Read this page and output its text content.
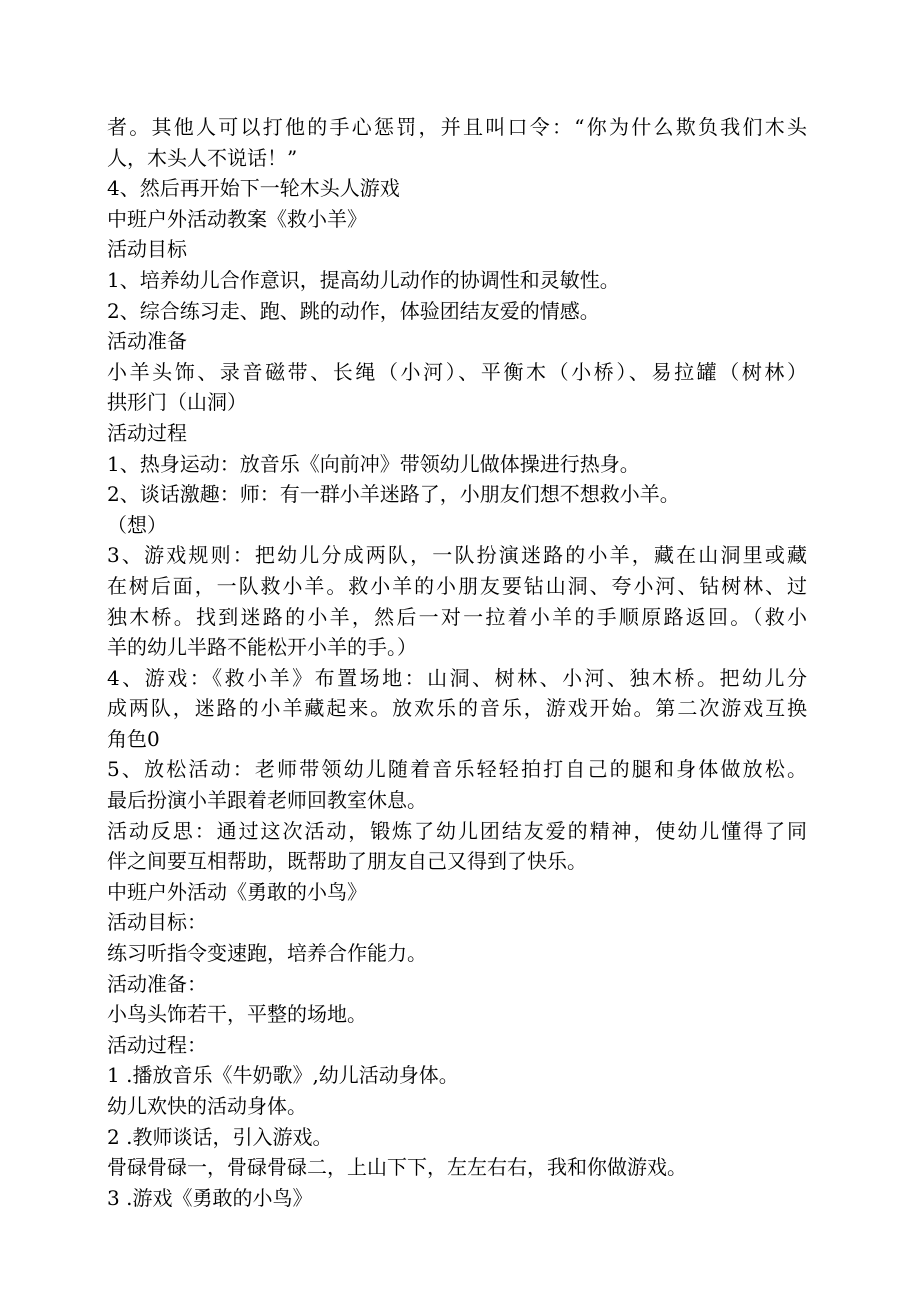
者。其他人可以打他的手心惩罚，并且叫口令：“你为什么欺负我们木头
人，木头人不说话！”
4、然后再开始下一轮木头人游戏
中班户外活动教案《救小羊》
活动目标
1、培养幼儿合作意识，提高幼儿动作的协调性和灵敏性。
2、综合练习走、跑、跳的动作，体验团结友爱的情感。
活动准备
小羊头饰、录音磁带、长绳（小河）、平衡木（小桥）、易拉罐（树林）
拱形门（山洞）
活动过程
1、热身运动：放音乐《向前冲》带领幼儿做体操进行热身。
2、谈话激趣：师：有一群小羊迷路了，小朋友们想不想救小羊。
（想）
3、游戏规则：把幼儿分成两队，一队扮演迷路的小羊，藏在山洞里或藏
在树后面，一队救小羊。救小羊的小朋友要钻山洞、夸小河、钻树林、过
独木桥。找到迷路的小羊，然后一对一拉着小羊的手顺原路返回。（救小
羊的幼儿半路不能松开小羊的手。）
4、游戏：《救小羊》布置场地：山洞、树林、小河、独木桥。把幼儿分
成两队，迷路的小羊藏起来。放欢乐的音乐，游戏开始。第二次游戏互换
角色0
5、放松活动：老师带领幼儿随着音乐轻轻拍打自己的腿和身体做放松。
最后扮演小羊跟着老师回教室休息。
活动反思：通过这次活动，锻炼了幼儿团结友爱的精神，使幼儿懂得了同
伴之间要互相帮助，既帮助了朋友自己又得到了快乐。
中班户外活动《勇敢的小鸟》
活动目标：
练习听指令变速跑，培养合作能力。
活动准备：
小鸟头饰若干，平整的场地。
活动过程：
1 .播放音乐《牛奶歌》,幼儿活动身体。
幼儿欢快的活动身体。
2 .教师谈话，引入游戏。
骨碌骨碌一，骨碌骨碌二，上山下下，左左右右，我和你做游戏。
3 .游戏《勇敢的小鸟》
